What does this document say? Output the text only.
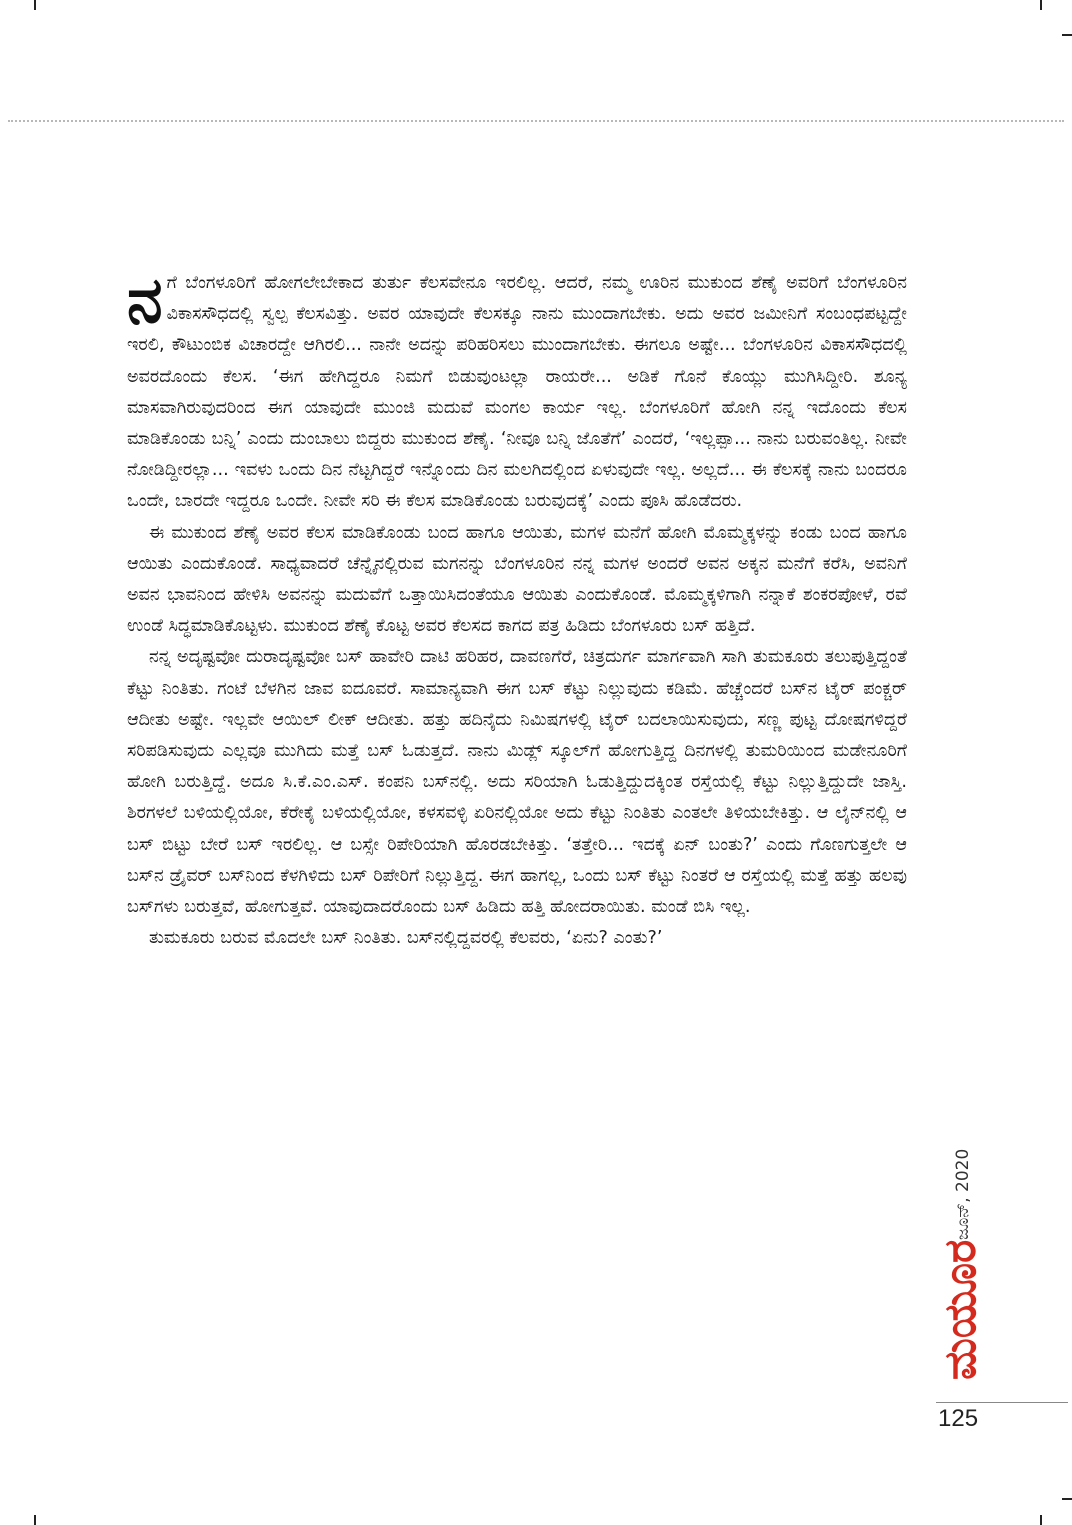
ನಗೆ ಬೆಂಗಳೂರಿಗೆ ಹೋಗಲೇಬೇಕಾದ ತುರ್ತು ಕೆಲಸವೇನೂ ಇರಲಿಲ್ಲ. ಆದರೆ, ನಮ್ಮ ಊರಿನ ಮುಕುಂದ ಶೆಣೈ ಅವರಿಗೆ ಬೆಂಗಳೂರಿನ ವಿಕಾಸಸೌಧದಲ್ಲಿ ಸ್ವಲ್ಪ ಕೆಲಸವಿತ್ತು. ಅವರ ಯಾವುದೇ ಕೆಲಸಕ್ಕೂ ನಾನು ಮುಂದಾಗಬೇಕು. ಅದು ಅವರ ಜಮೀನಿಗೆ ಸಂಬಂಧಪಟ್ಟದ್ದೇ ಇರಲಿ, ಕೌಟುಂಬಿಕ ವಿಚಾರದ್ದೇ ಆಗಿರಲಿ... ನಾನೇ ಅದನ್ನು ಪರಿಹರಿಸಲು ಮುಂದಾಗಬೇಕು. ಈಗಲೂ ಅಷ್ಟೇ... ಬೆಂಗಳೂರಿನ ವಿಕಾಸಸೌಧದಲ್ಲಿ ಅವರದೊಂದು ಕೆಲಸ. ‘ಈಗ ಹೇಗಿದ್ದರೂ ನಿಮಗೆ ಬಿಡುವುಂಟಲ್ಲಾ ರಾಯರೇ... ಅಡಿಕೆ ಗೊನೆ ಕೊಯ್ಲು ಮುಗಿಸಿದ್ದೀರಿ. ಶೂನ್ಯ ಮಾಸವಾಗಿರುವುದರಿಂದ ಈಗ ಯಾವುದೇ ಮುಂಜಿ ಮದುವೆ ಮಂಗಲ ಕಾರ್ಯ ಇಲ್ಲ. ಬೆಂಗಳೂರಿಗೆ ಹೋಗಿ ನನ್ನ ಇದೊಂದು ಕೆಲಸ ಮಾಡಿಕೊಂಡು ಬನ್ನಿ’ ಎಂದು ದುಂಬಾಲು ಬಿದ್ದರು ಮುಕುಂದ ಶೆಣೈ. ‘ನೀವೂ ಬನ್ನಿ ಜೊತೆಗೆ’ ಎಂದರೆ, ‘ಇಲ್ಲಪ್ಪಾ... ನಾನು ಬರುವಂತಿಲ್ಲ. ನೀವೇ ನೋಡಿದ್ದೀರಲ್ಲಾ... ಇವಳು ಒಂದು ದಿನ ನೆಟ್ಟಗಿದ್ದರೆ ಇನ್ನೊಂದು ದಿನ ಮಲಗಿದಲ್ಲಿಂದ ಏಳುವುದೇ ಇಲ್ಲ. ಅಲ್ಲದೆ... ಈ ಕೆಲಸಕ್ಕೆ ನಾನು ಬಂದರೂ ಒಂದೇ, ಬಾರದೇ ಇದ್ದರೂ ಒಂದೇ. ನೀವೇ ಸರಿ ಈ ಕೆಲಸ ಮಾಡಿಕೊಂಡು ಬರುವುದಕ್ಕೆ’ ಎಂದು ಪೂಸಿ ಹೊಡೆದರು.

ಈ ಮುಕುಂದ ಶೆಣೈ ಅವರ ಕೆಲಸ ಮಾಡಿಕೊಂಡು ಬಂದ ಹಾಗೂ ಆಯಿತು, ಮಗಳ ಮನೆಗೆ ಹೋಗಿ ಮೊಮ್ಮಕ್ಕಳನ್ನು ಕಂಡು ಬಂದ ಹಾಗೂ ಆಯಿತು ಎಂದುಕೊಂಡೆ. ಸಾಧ್ಯವಾದರೆ ಚೆನ್ನೈನಲ್ಲಿರುವ ಮಗನನ್ನು ಬೆಂಗಳೂರಿನ ನನ್ನ ಮಗಳ ಅಂದರೆ ಅವನ ಅಕ್ಕನ ಮನೆಗೆ ಕರೆಸಿ, ಅವನಿಗೆ ಅವನ ಭಾವನಿಂದ ಹೇಳಿಸಿ ಅವನನ್ನು ಮದುವೆಗೆ ಒತ್ತಾಯಿಸಿದಂತೆಯೂ ಆಯಿತು ಎಂದುಕೊಂಡೆ. ಮೊಮ್ಮಕ್ಕಳಿಗಾಗಿ ನನ್ನಾಕೆ ಶಂಕರಪೋಳೆ, ರವೆ ಉಂಡೆ ಸಿದ್ಧಮಾಡಿಕೊಟ್ಟಳು. ಮುಕುಂದ ಶೆಣೈ ಕೊಟ್ಟ ಅವರ ಕೆಲಸದ ಕಾಗದ ಪತ್ರ ಹಿಡಿದು ಬೆಂಗಳೂರು ಬಸ್ ಹತ್ತಿದೆ.

ನನ್ನ ಅದೃಷ್ಟವೋ ದುರಾದೃಷ್ಟವೋ ಬಸ್ ಹಾವೇರಿ ದಾಟಿ ಹರಿಹರ, ದಾವಣಗೆರೆ, ಚಿತ್ರದುರ್ಗ ಮಾರ್ಗವಾಗಿ ಸಾಗಿ ತುಮಕೂರು ತಲುಪುತ್ತಿದ್ದಂತೆ ಕೆಟ್ಟು ನಿಂತಿತು. ಗಂಟೆ ಬೆಳಗಿನ ಜಾವ ಐದೂವರೆ. ಸಾಮಾನ್ಯವಾಗಿ ಈಗ ಬಸ್ ಕೆಟ್ಟು ನಿಲ್ಲುವುದು ಕಡಿಮೆ. ಹೆಚ್ಚೆಂದರೆ ಬಸ್‌ನ ಟೈರ್ ಪಂಕ್ಚರ್ ಆದೀತು ಅಷ್ಟೇ. ಇಲ್ಲವೇ ಆಯಿಲ್ ಲೀಕ್ ಆದೀತು. ಹತ್ತು ಹದಿನೈದು ನಿಮಿಷಗಳಲ್ಲಿ ಟೈರ್ ಬದಲಾಯಿಸುವುದು, ಸಣ್ಣ ಪುಟ್ಟ ದೋಷಗಳಿದ್ದರೆ ಸರಿಪಡಿಸುವುದು ಎಲ್ಲವೂ ಮುಗಿದು ಮತ್ತೆ ಬಸ್ ಓಡುತ್ತದೆ. ನಾನು ಮಿಡ್ಲ್ ಸ್ಕೂಲ್‌ಗೆ ಹೋಗುತ್ತಿದ್ದ ದಿನಗಳಲ್ಲಿ ತುಮರಿಯಿಂದ ಮಡೇನೂರಿಗೆ ಹೋಗಿ ಬರುತ್ತಿದ್ದೆ. ಅದೂ ಸಿ.ಕೆ.ಎಂ.ಎಸ್. ಕಂಪನಿ ಬಸ್‌ನಲ್ಲಿ. ಅದು ಸರಿಯಾಗಿ ಓಡುತ್ತಿದ್ದುದಕ್ಕಿಂತ ರಸ್ತೆಯಲ್ಲಿ ಕೆಟ್ಟು ನಿಲ್ಲುತ್ತಿದ್ದುದೇ ಜಾಸ್ತಿ. ಶಿರಗಳಲೆ ಬಳಿಯಲ್ಲಿಯೋ, ಕೆರೇಕೈ ಬಳಿಯಲ್ಲಿಯೋ, ಕಳಸವಳ್ಳಿ ಏರಿನಲ್ಲಿಯೋ ಅದು ಕೆಟ್ಟು ನಿಂತಿತು ಎಂತಲೇ ತಿಳಿಯಬೇಕಿತ್ತು. ಆ ಲೈನ್‌ನಲ್ಲಿ ಆ ಬಸ್ ಬಿಟ್ಟು ಬೇರೆ ಬಸ್ ಇರಲಿಲ್ಲ. ಆ ಬಸ್ಸೇ ರಿಪೇರಿಯಾಗಿ ಹೊರಡಬೇಕಿತ್ತು. ‘ತತ್ತೇರಿ... ಇದಕ್ಕೆ ಏನ್ ಬಂತು?’ ಎಂದು ಗೊಣಗುತ್ತಲೇ ಆ ಬಸ್‌ನ ಡ್ರೈವರ್ ಬಸ್‌ನಿಂದ ಕೆಳಗಿಳಿದು ಬಸ್ ರಿಪೇರಿಗೆ ನಿಲ್ಲುತ್ತಿದ್ದ. ಈಗ ಹಾಗಲ್ಲ, ಒಂದು ಬಸ್ ಕೆಟ್ಟು ನಿಂತರೆ ಆ ರಸ್ತೆಯಲ್ಲಿ ಮತ್ತೆ ಹತ್ತು ಹಲವು ಬಸ್‌ಗಳು ಬರುತ್ತವೆ, ಹೋಗುತ್ತವೆ. ಯಾವುದಾದರೊಂದು ಬಸ್ ಹಿಡಿದು ಹತ್ತಿ ಹೋದರಾಯಿತು. ಮಂಡೆ ಬಿಸಿ ಇಲ್ಲ.

ತುಮಕೂರು ಬರುವ ಮೊದಲೇ ಬಸ್ ನಿಂತಿತು. ಬಸ್‌ನಲ್ಲಿದ್ದವರಲ್ಲಿ ಕೆಲವರು, ‘ಏನು? ಎಂತು?’

ಜೂನ್, 2020
ಮಯೂರ
125
